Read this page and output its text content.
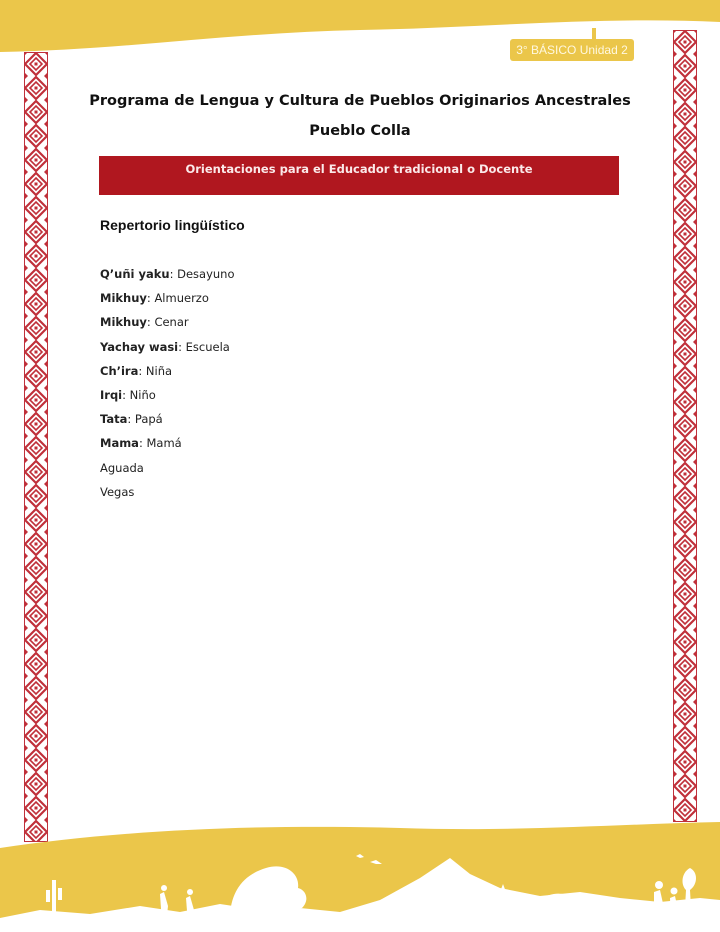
3° BÁSICO Unidad 2
Programa de Lengua y Cultura de Pueblos Originarios Ancestrales
Pueblo Colla
Orientaciones para el Educador tradicional o Docente
Repertorio lingüístico
Q’uñi yaku: Desayuno
Mikhuy: Almuerzo
Mikhuy: Cenar
Yachay wasi: Escuela
Ch’ira: Niña
Irqi: Niño
Tata: Papá
Mama: Mamá
Aguada
Vegas
